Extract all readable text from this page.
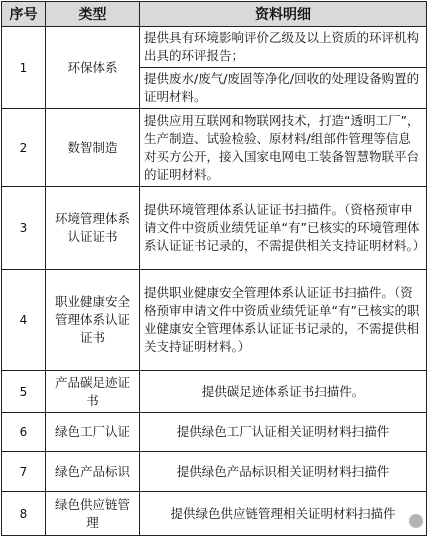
序号	类型	资料明细
1	环保体系	提供具有环境影响评价乙级及以上资质的环评机构出具的环评报告；
		提供废水/废气/废固等净化/回收的处理设备购置的证明材料。
2	数智制造	提供应用互联网和物联网技术，打造“透明工厂”，生产制造、试验检验、原材料/组部件管理等信息对买方公开，接入国家电网电工装备智慧物联平台的证明材料。
3	环境管理体系认证证书	提供环境管理体系认证证书扫描件。（资格预审申请文件中资质业绩凭证单“有”已核实的环境管理体系认证证书记录的，不需提供相关支持证明材料。）
4	职业健康安全管理体系认证证书	提供职业健康安全管理体系认证证书扫描件。（资格预审申请文件中资质业绩凭证单“有”已核实的职业健康安全管理体系认证证书记录的，不需提供相关支持证明材料。）
5	产品碳足迹证书	提供碳足迹体系证书扫描件。
6	绿色工厂认证	提供绿色工厂认证相关证明材料扫描件
7	绿色产品标识	提供绿色产品标识相关证明材料扫描件
8	绿色供应链管理	提供绿色供应链管理相关证明材料扫描件
